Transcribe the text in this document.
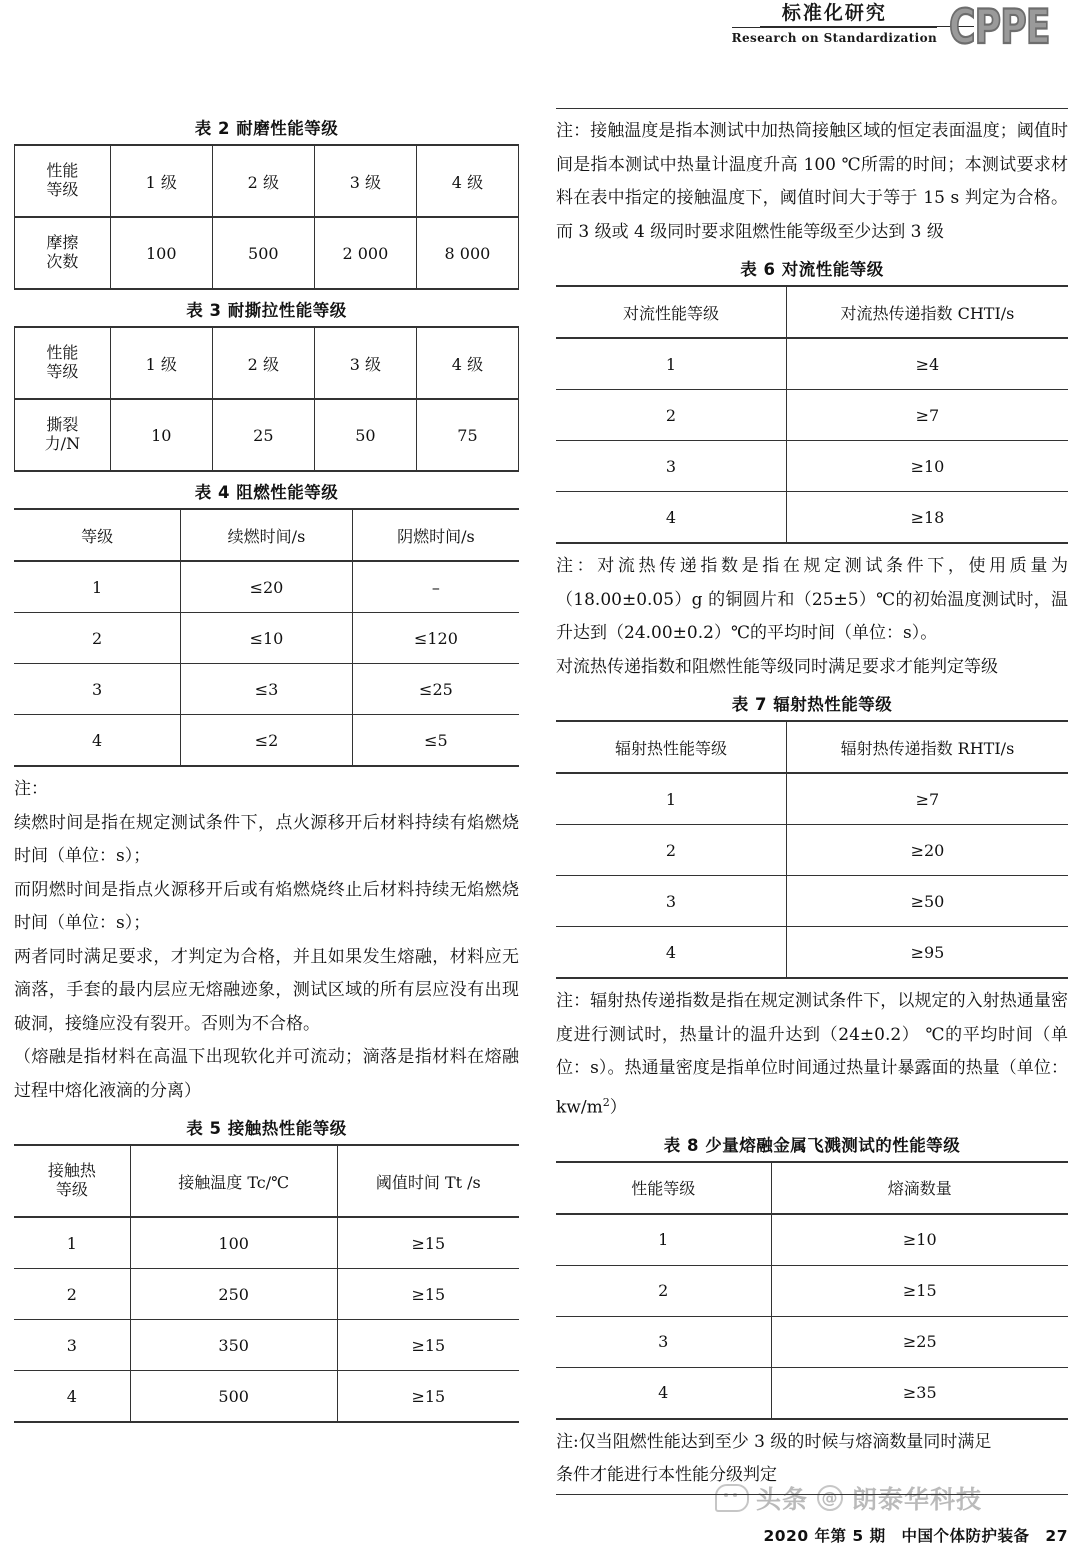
标准化研究
Research on Standardization CPPE
表 2 耐磨性能等级
性能
等级	1 级	2 级	3 级	4 级

摩擦
次数	100	500	2 000	8 000
表 3 耐撕拉性能等级
性能
等级	1 级	2 级	3 级	4 级

撕裂
力/N	10	25	50	75
表 4 阻燃性能等级
等级	续燃时间/s	阴燃时间/s
1	≤20	–
2	≤10	≤120
3	≤3	≤25
4	≤2	≤5

注：

续燃时间是指在规定测试条件下，点火源移开后材料持续有焰燃烧时间（单位：s）；

而阴燃时间是指点火源移开后或有焰燃烧终止后材料持续无焰燃烧时间（单位：s）；

两者同时满足要求，才判定为合格，并且如果发生熔融，材料应无滴落，手套的最内层应无熔融迹象，测试区域的所有层应没有出现破洞，接缝应没有裂开。否则为不合格。

（熔融是指材料在高温下出现软化并可流动；滴落是指材料在熔融过程中熔化液滴的分离）

表 5 接触热性能等级
接触热
等级	接触温度 Tc/℃	阈值时间 Tt /s
1	100	≥15
2	250	≥15
3	350	≥15
4	500	≥15

注：接触温度是指本测试中加热筒接触区域的恒定表面温度；阈值时间是指本测试中热量计温度升高 100 ℃所需的时间；本测试要求材料在表中指定的接触温度下，阈值时间大于等于 15 s 判定为合格。而 3 级或 4 级同时要求阻燃性能等级至少达到 3 级

表 6 对流性能等级
对流性能等级	对流热传递指数 CHTI/s
1	≥4
2	≥7
3	≥10
4	≥18

注：对流热传递指数是指在规定测试条件下，使用质量为（18.00±0.05）g 的铜圆片和（25±5）℃的初始温度测试时，温升达到（24.00±0.2）℃的平均时间（单位：s）。

对流热传递指数和阻燃性能等级同时满足要求才能判定等级

表 7 辐射热性能等级
辐射热性能等级	辐射热传递指数 RHTI/s
1	≥7
2	≥20
3	≥50
4	≥95

注：辐射热传递指数是指在规定测试条件下，以规定的入射热通量密度进行测试时，热量计的温升达到（24±0.2） ℃的平均时间（单位：s）。热通量密度是指单位时间通过热量计暴露面的热量（单位：$kw/m^2$）

表 8 少量熔融金属飞溅测试的性能等级
性能等级	熔滴数量
1	≥10
2	≥15
3	≥25
4	≥35

注:仅当阻燃性能达到至少 3 级的时候与熔滴数量同时满足

条件才能进行本性能分级判定

头条 @ 朗泰华科技
2020 年第 5 期 中国个体防护装备 27
